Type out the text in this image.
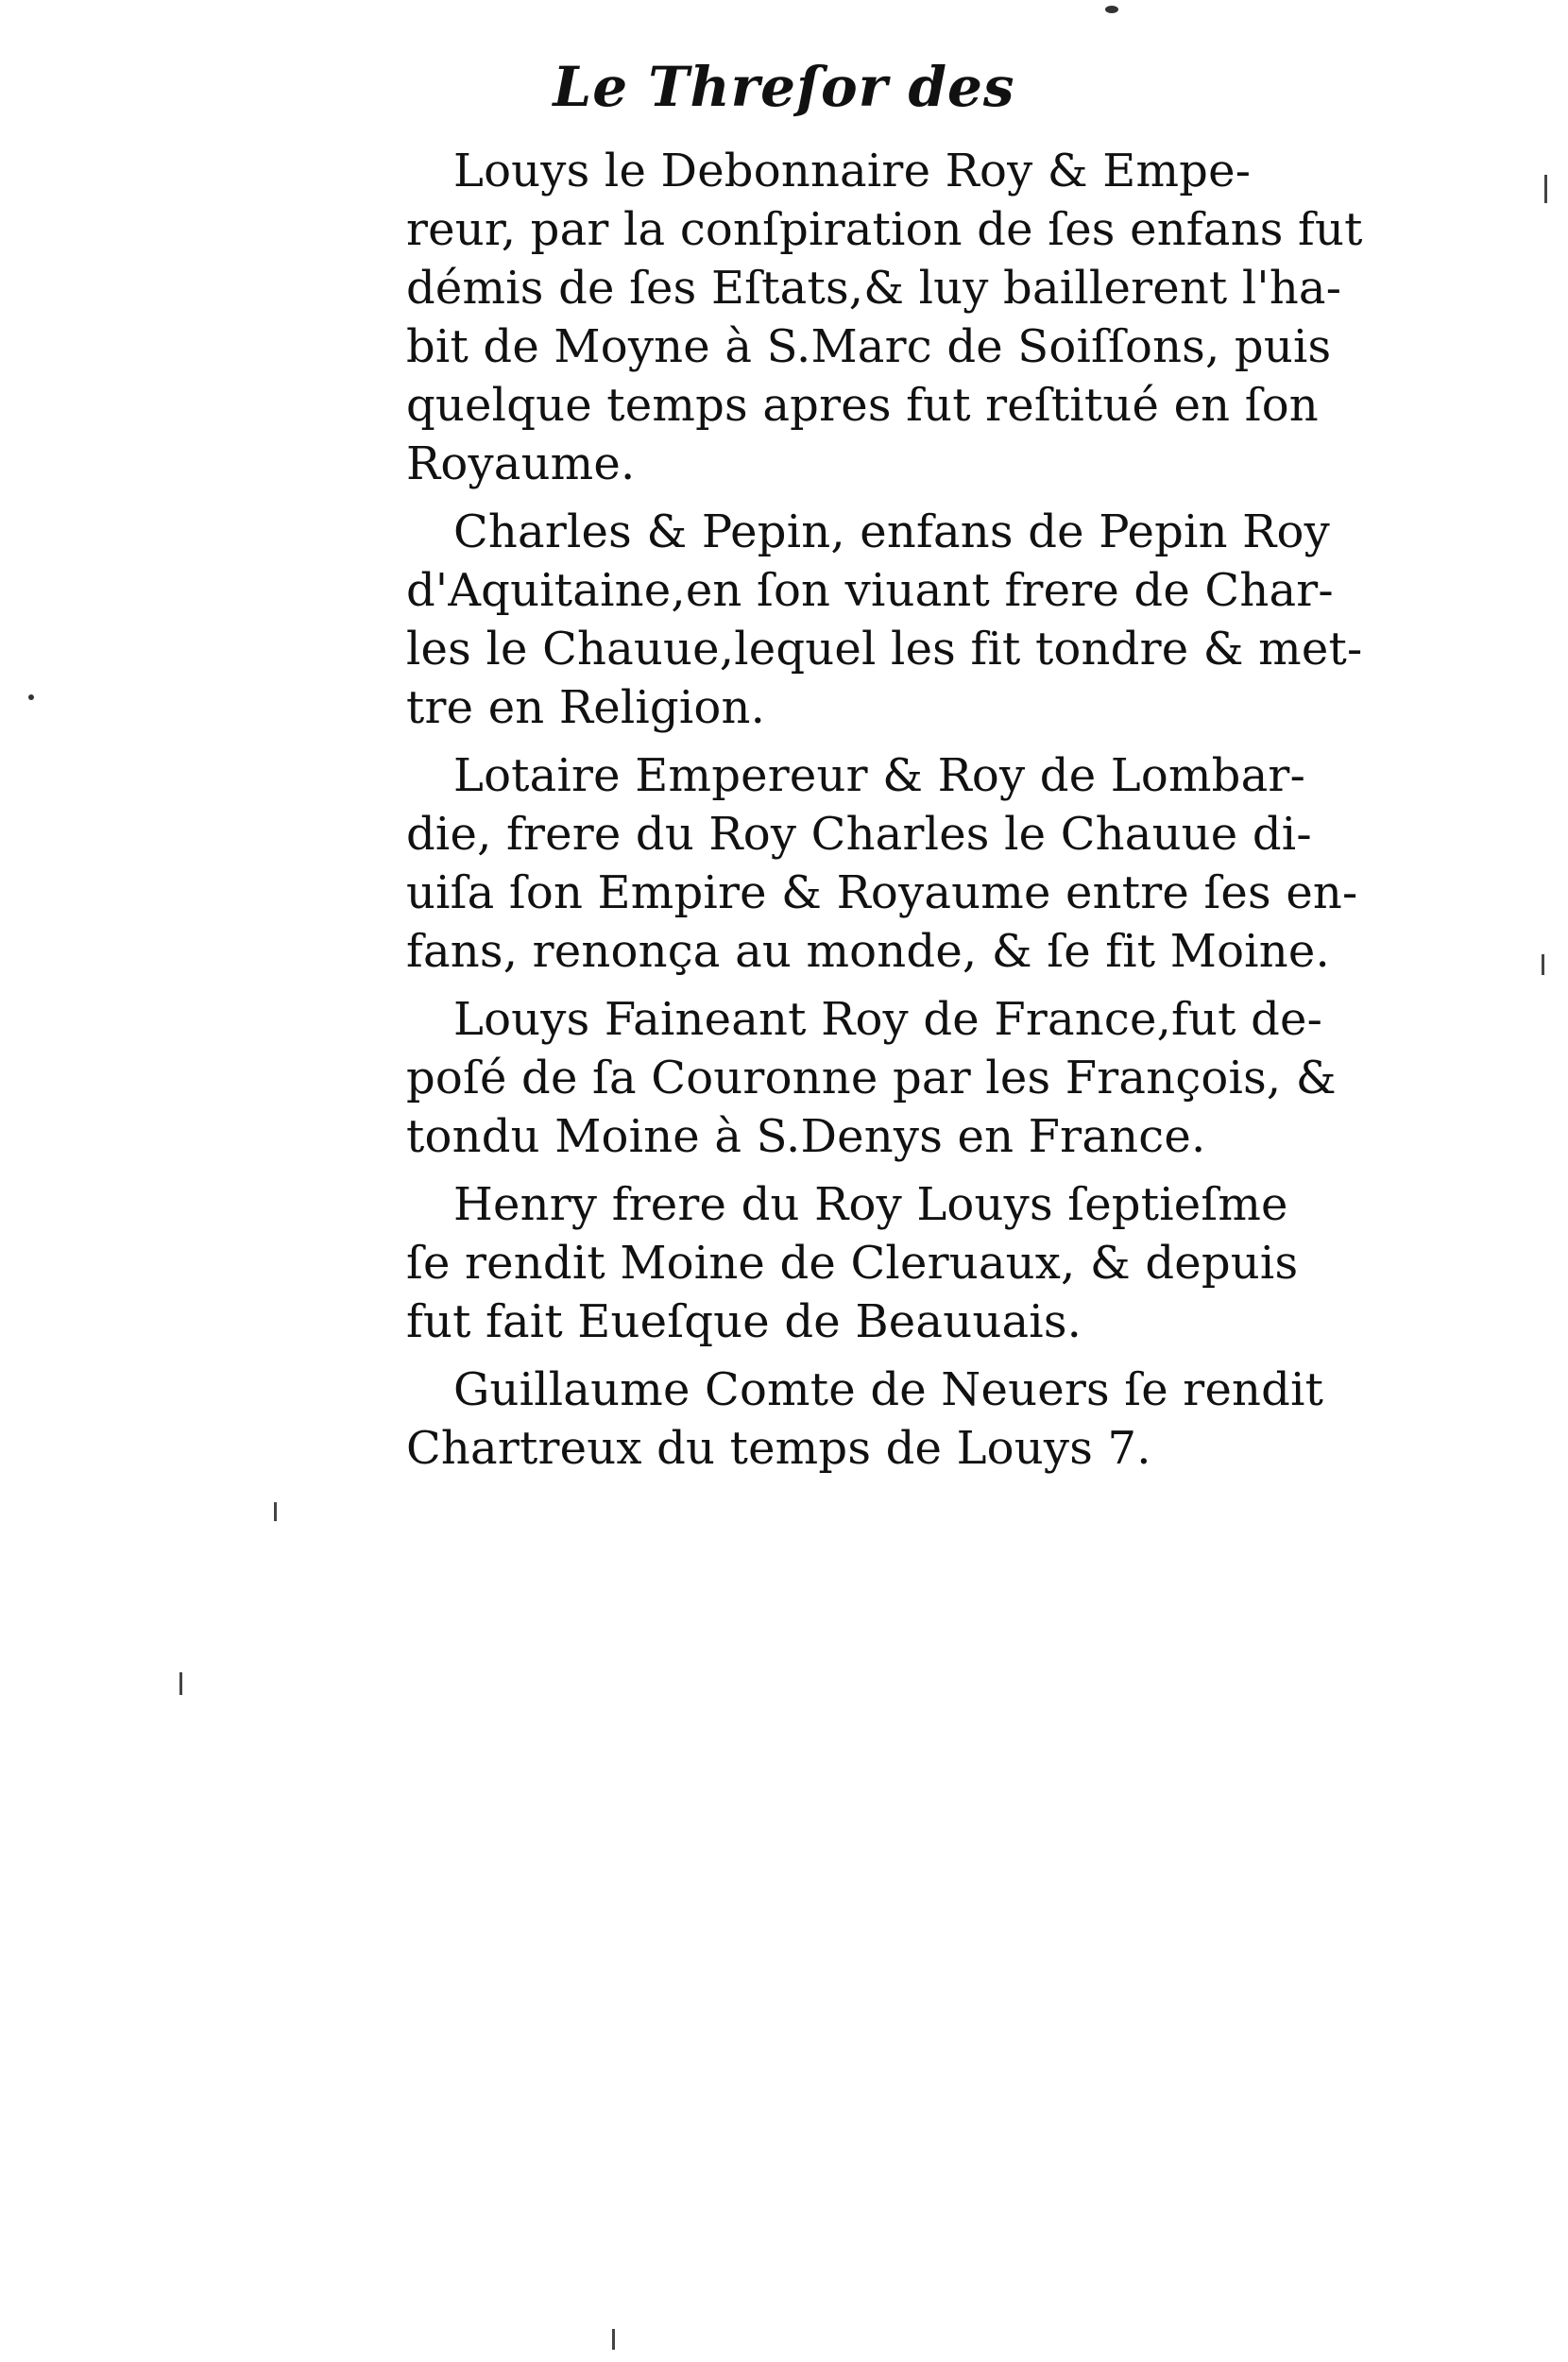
Le Threſor des
Louys le Debonnaire Roy & Empe-
reur, par la conſpiration de ſes enfans fut
démis de ſes Eſtats,& luy baillerent l'ha-
bit de Moyne à S.Marc de Soiſſons, puis
quelque temps apres fut reſtitué en ſon
Royaume.
Charles & Pepin, enfans de Pepin Roy
d'Aquitaine,en ſon viuant frere de Char-
les le Chauue,lequel les fit tondre & met-
tre en Religion.
Lotaire Empereur & Roy de Lombar-
die, frere du Roy Charles le Chauue di-
uiſa ſon Empire & Royaume entre ſes en-
fans, renonça au monde, & ſe fit Moine.
Louys Faineant Roy de France,fut de-
poſé de ſa Couronne par les François, &
tondu Moine à S.Denys en France.
Henry frere du Roy Louys ſeptieſme
ſe rendit Moine de Cleruaux, & depuis
fut fait Eueſque de Beauuais.
Guillaume Comte de Neuers ſe rendit
Chartreux du temps de Louys 7.
